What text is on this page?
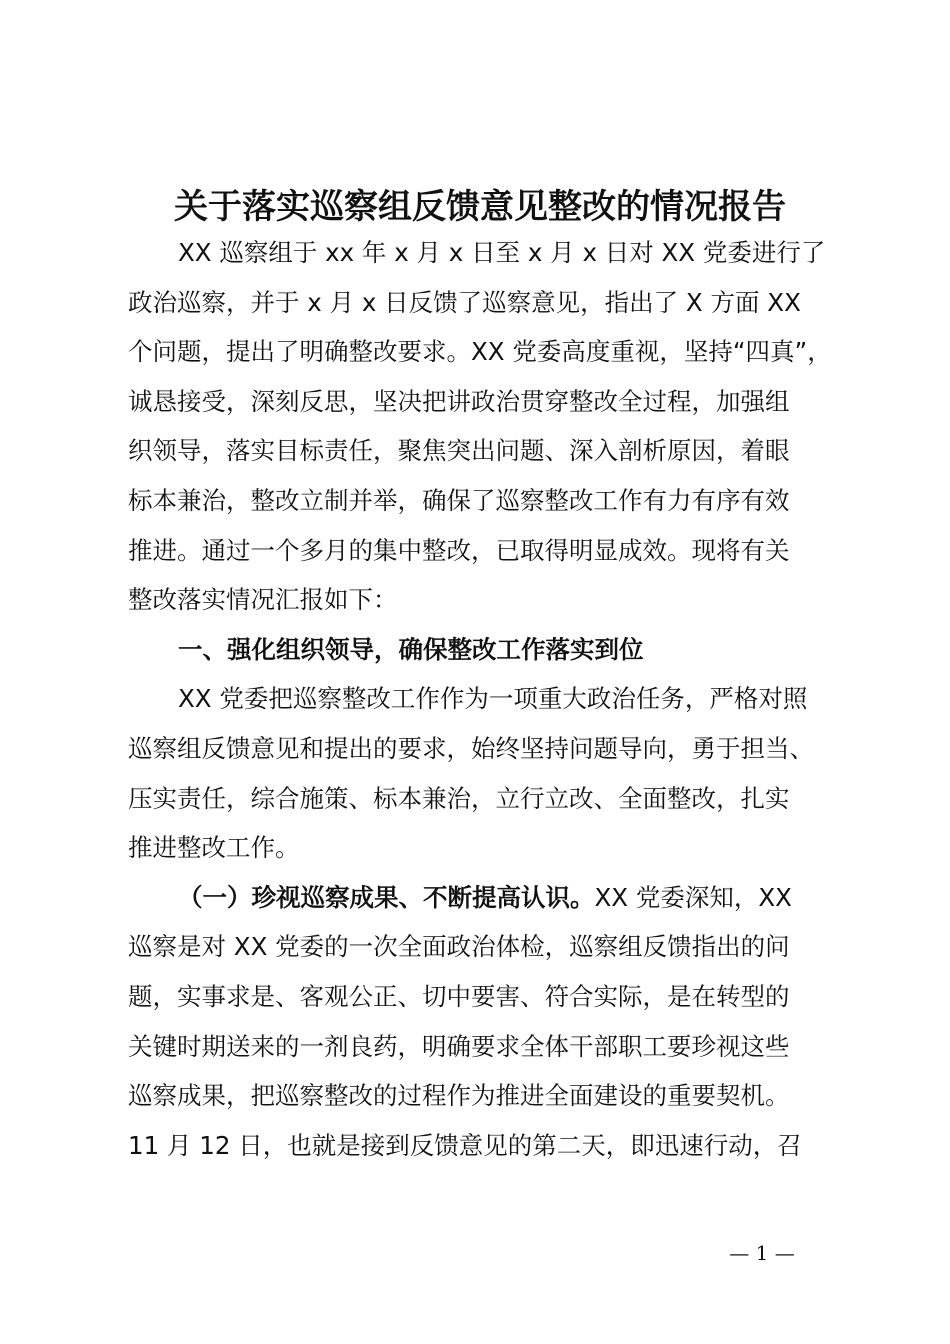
关于落实巡察组反馈意见整改的情况报告
XX 巡察组于 xx 年 x 月 x 日至 x 月 x 日对 XX 党委进行了
政治巡察，并于 x 月 x 日反馈了巡察意见，指出了 X 方面 XX
个问题，提出了明确整改要求。XX 党委高度重视，坚持“四真”，
诚恳接受，深刻反思，坚决把讲政治贯穿整改全过程，加强组
织领导，落实目标责任，聚焦突出问题、深入剖析原因，着眼
标本兼治，整改立制并举，确保了巡察整改工作有力有序有效
推进。通过一个多月的集中整改，已取得明显成效。现将有关
整改落实情况汇报如下：
一、强化组织领导，确保整改工作落实到位
XX 党委把巡察整改工作作为一项重大政治任务，严格对照
巡察组反馈意见和提出的要求，始终坚持问题导向，勇于担当、
压实责任，综合施策、标本兼治，立行立改、全面整改，扎实
推进整改工作。
（一）珍视巡察成果、不断提高认识。XX 党委深知，XX
巡察是对 XX 党委的一次全面政治体检，巡察组反馈指出的问
题，实事求是、客观公正、切中要害、符合实际，是在转型的
关键时期送来的一剂良药，明确要求全体干部职工要珍视这些
巡察成果，把巡察整改的过程作为推进全面建设的重要契机。
11 月 12 日，也就是接到反馈意见的第二天，即迅速行动，召
— 1 —
